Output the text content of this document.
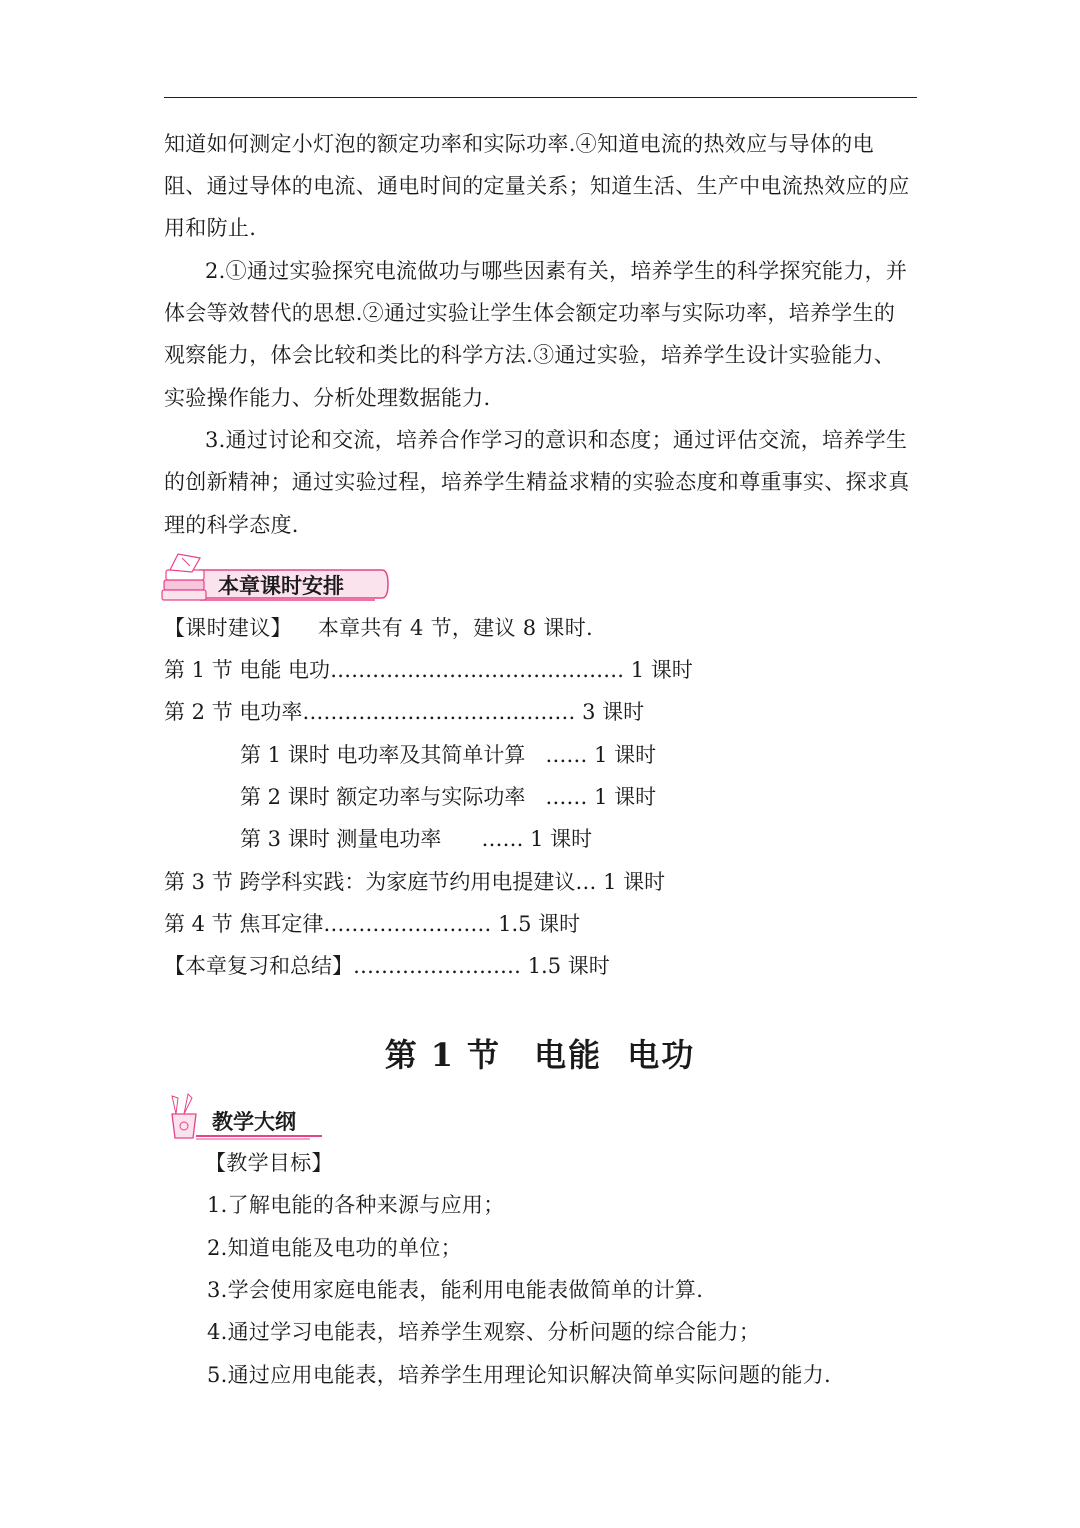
知道如何测定小灯泡的额定功率和实际功率.④知道电流的热效应与导体的电
阻、通过导体的电流、通电时间的定量关系；知道生活、生产中电流热效应的应
用和防止.
2.①通过实验探究电流做功与哪些因素有关，培养学生的科学探究能力，并
体会等效替代的思想.②通过实验让学生体会额定功率与实际功率，培养学生的
观察能力，体会比较和类比的科学方法.③通过实验，培养学生设计实验能力、
实验操作能力、分析处理数据能力.
3.通过讨论和交流，培养合作学习的意识和态度；通过评估交流，培养学生
的创新精神；通过实验过程，培养学生精益求精的实验态度和尊重事实、探求真
理的科学态度.
本章课时安排
【课时建议】 本章共有 4 节，建议 8 课时.
第 1 节 电能 电功…………………………………… 1 课时
第 2 节 电功率………………………………… 3 课时
第 1 课时 电功率及其简单计算 …… 1 课时
第 2 课时 额定功率与实际功率 …… 1 课时
第 3 课时 测量电功率 …… 1 课时
第 3 节 跨学科实践：为家庭节约用电提建议… 1 课时
第 4 节 焦耳定律…………………… 1.5 课时
【本章复习和总结】…………………… 1.5 课时
第 1 节 电能 电功
教学大纲
【教学目标】
1.了解电能的各种来源与应用；
2.知道电能及电功的单位；
3.学会使用家庭电能表，能利用电能表做简单的计算.
4.通过学习电能表，培养学生观察、分析问题的综合能力；
5.通过应用电能表，培养学生用理论知识解决简单实际问题的能力.
